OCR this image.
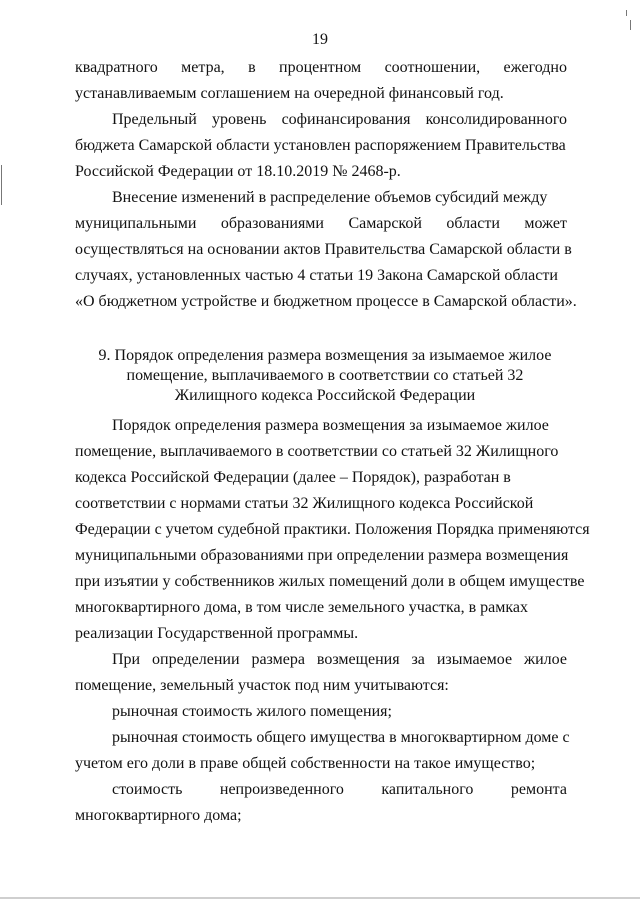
19
квадратного метра, в процентном соотношении, ежегодно
устанавливаемым соглашением на очередной финансовый год.
Предельный уровень софинансирования консолидированного
бюджета Самарской области установлен распоряжением Правительства
Российской Федерации от 18.10.2019 № 2468-р.
Внесение изменений в распределение объемов субсидий между
муниципальными образованиями Самарской области может
осуществляться на основании актов Правительства Самарской области в
случаях, установленных частью 4 статьи 19 Закона Самарской области
«О бюджетном устройстве и бюджетном процессе в Самарской области».
9. Порядок определения размера возмещения за изымаемое жилое
помещение, выплачиваемого в соответствии со статьей 32
Жилищного кодекса Российской Федерации
Порядок определения размера возмещения за изымаемое жилое
помещение, выплачиваемого в соответствии со статьей 32 Жилищного
кодекса Российской Федерации (далее – Порядок), разработан в
соответствии с нормами статьи 32 Жилищного кодекса Российской
Федерации с учетом судебной практики. Положения Порядка применяются
муниципальными образованиями при определении размера возмещения
при изъятии у собственников жилых помещений доли в общем имуществе
многоквартирного дома, в том числе земельного участка, в рамках
реализации Государственной программы.
При определении размера возмещения за изымаемое жилое
помещение, земельный участок под ним учитываются:
рыночная стоимость жилого помещения;
рыночная стоимость общего имущества в многоквартирном доме с
учетом его доли в праве общей собственности на такое имущество;
стоимость непроизведенного капитального ремонта
многоквартирного дома;
